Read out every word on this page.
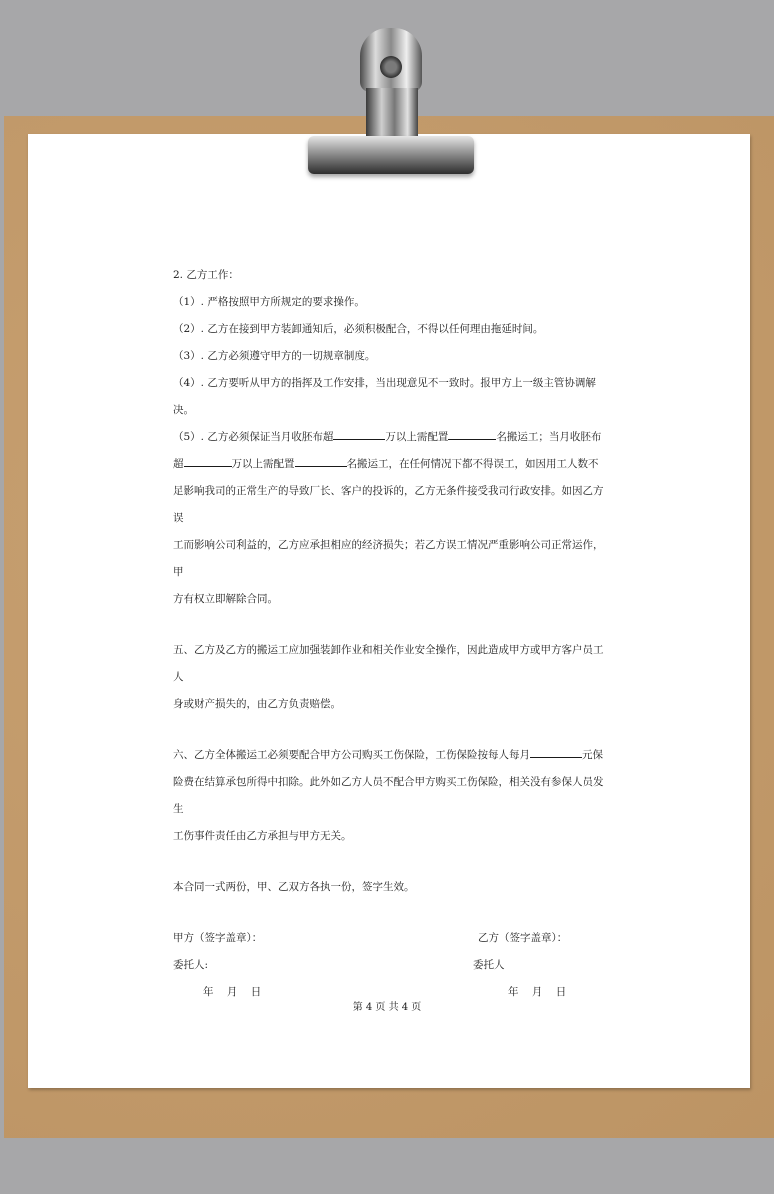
2. 乙方工作：

（1）. 严格按照甲方所规定的要求操作。

（2）. 乙方在接到甲方装卸通知后，必须积极配合，不得以任何理由拖延时间。

（3）. 乙方必须遵守甲方的一切规章制度。

（4）. 乙方要听从甲方的指挥及工作安排，当出现意见不一致时。报甲方上一级主管协调解决。

（5）. 乙方必须保证当月收胚布超	万以上需配置	名搬运工；当月收胚布

超	万以上需配置	名搬运工，在任何情况下都不得误工，如因用工人数不

足影响我司的正常生产的导致厂长、客户的投诉的，乙方无条件接受我司行政安排。如因乙方误

工而影响公司利益的，乙方应承担相应的经济损失；若乙方误工情况严重影响公司正常运作，甲

方有权立即解除合同。

五、乙方及乙方的搬运工应加强装卸作业和相关作业安全操作，因此造成甲方或甲方客户员工人

身或财产损失的，由乙方负责赔偿。

六、乙方全体搬运工必须要配合甲方公司购买工伤保险，工伤保险按每人每月	元保

险费在结算承包所得中扣除。此外如乙方人员不配合甲方购买工伤保险，相关没有参保人员发生

工伤事件责任由乙方承担与甲方无关。

本合同一式两份，甲、乙双方各执一份，签字生效。

甲方（签字盖章）：	乙方（签字盖章）：
委托人:	委托人
年    月    日	年    月    日
第 4 页 共 4 页
